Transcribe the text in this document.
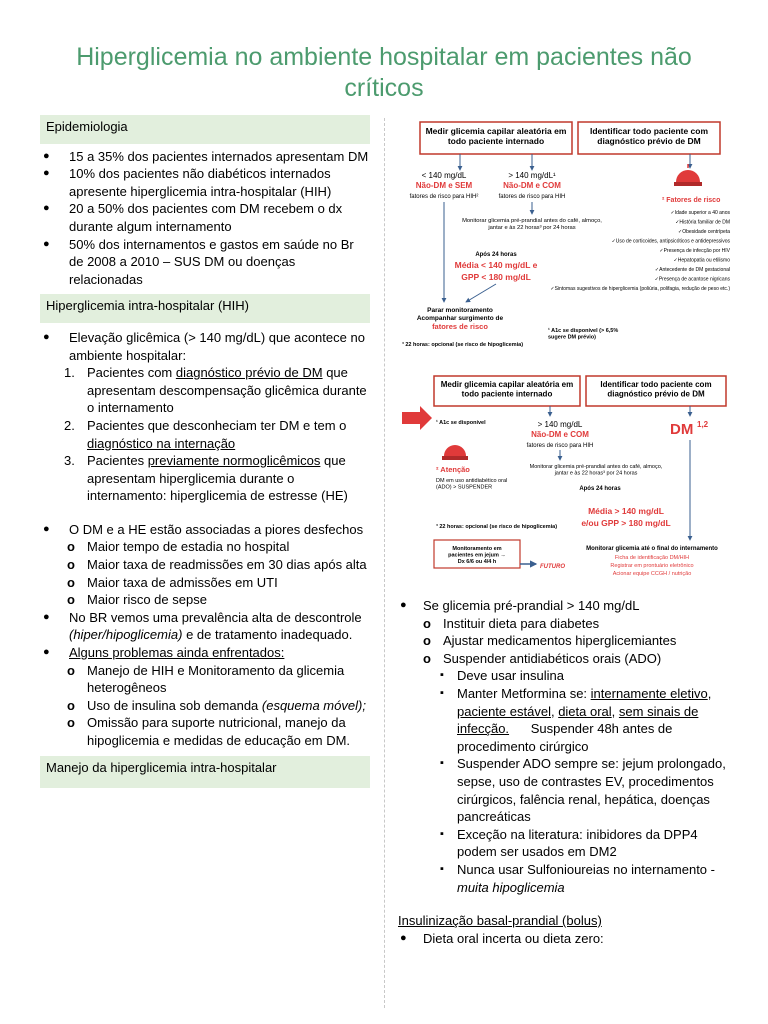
Hiperglicemia no ambiente hospitalar em pacientes não críticos
Epidemiologia
● 15 a 35% dos pacientes internados apresentam DM
● 10% dos pacientes não diabéticos internados apresente hiperglicemia intra-hospitalar (HIH)
● 20 a 50% dos pacientes com DM recebem o dx durante algum internamento
● 50% dos internamentos e gastos em saúde no Br de 2008 a 2010 – SUS DM ou doenças relacionadas
Hiperglicemia intra-hospitalar (HIH)
● Elevação glicêmica (> 140 mg/dL) que acontece no ambiente hospitalar:
1. Pacientes com diagnóstico prévio de DM que apresentam descompensação glicêmica durante o internamento
2. Pacientes que desconheciam ter DM e tem o diagnóstico na internação
3. Pacientes previamente normoglicêmicos que apresentam hiperglicemia durante o internamento: hiperglicemia de estresse (HE)
● O DM e a HE estão associadas a piores desfechos
o Maior tempo de estadia no hospital
o Maior taxa de readmissões em 30 dias após alta
o Maior taxa de admissões em UTI
o Maior risco de sepse
● No BR vemos uma prevalência alta de descontrole (hiper/hipoglicemia) e de tratamento inadequado.
● Alguns problemas ainda enfrentados:
o Manejo de HIH e Monitoramento da glicemia heterogêneos
o Uso de insulina sob demanda (esquema móvel);
o Omissão para suporte nutricional, manejo da hipoglicemia e medidas de educação em DM.
Manejo da hiperglicemia intra-hospitalar
Medir glicemia capilar aleatória em todo paciente internado
Identificar todo paciente com diagnóstico prévio de DM
< 140 mg/dL
Não-DM e SEM
fatores de risco para HIH²
> 140 mg/dL¹
Não-DM e COM
fatores de risco para HIH
Monitorar glicemia pré-prandial antes do café, almoço, jantar e às 22 horas³ por 24 horas
Após 24 horas
Média < 140 mg/dL e
GPP < 180 mg/dL
Parar monitoramento
Acompanhar surgimento de
fatores de risco
³ 22 horas: opcional (se risco de hipoglicemia)
¹ A1c se disponível (> 6,5% sugere DM prévio)
² Fatores de risco
✓Idade superior a 40 anos
✓História familiar de DM
✓Obesidade centrípeta
✓Uso de corticoides, antipsicóticos e antidepressivos
✓Presença de infecção por HIV
✓Hepatopatia ou etilismo
✓Antecedente de DM gestacional
✓Presença de acantose nigricans
✓Sintomas sugestivos de hiperglicemia (poliúria, polifagia, redução de peso etc.)
Medir glicemia capilar aleatória em todo paciente internado
Identificar todo paciente com diagnóstico prévio de DM
¹ A1c se disponível	> 140 mg/dL
Não-DM e COM
fatores de risco para HIH
DM 1,2
² Atenção
DM em uso antidiabético oral (ADO) > SUSPENDER
Monitorar glicemia pré-prandial antes do café, almoço, jantar e às 22 horas³ por 24 horas
Após 24 horas
Média > 140 mg/dL
e/ou GPP > 180 mg/dL
³ 22 horas: opcional (se risco de hipoglicemia)
Monitoramento em pacientes em jejum → Dx 6/6 ou 4/4 h
FUTURO
Monitorar glicemia até o final do internamento
Ficha de identificação DM/HIH
Registrar em prontuário eletrônico
Acionar equipe CCGH / nutrição
● Se glicemia pré-prandial > 140 mg/dL
o Instituir dieta para diabetes
o Ajustar medicamentos hiperglicemiantes
o Suspender antidiabéticos orais (ADO)
▪ Deve usar insulina
▪ Manter Metformina se: internamente eletivo, paciente estável, dieta oral, sem sinais de infecção.      Suspender 48h antes de procedimento cirúrgico
▪ Suspender ADO sempre se: jejum prolongado, sepse, uso de contrastes EV, procedimentos cirúrgicos, falência renal, hepática, doenças pancreáticas
▪ Exceção na literatura: inibidores da DPP4 podem ser usados em DM2
▪ Nunca usar Sulfonioureias no internamento - muita hipoglicemia
Insulinização basal-prandial (bolus)
● Dieta oral incerta ou dieta zero:
